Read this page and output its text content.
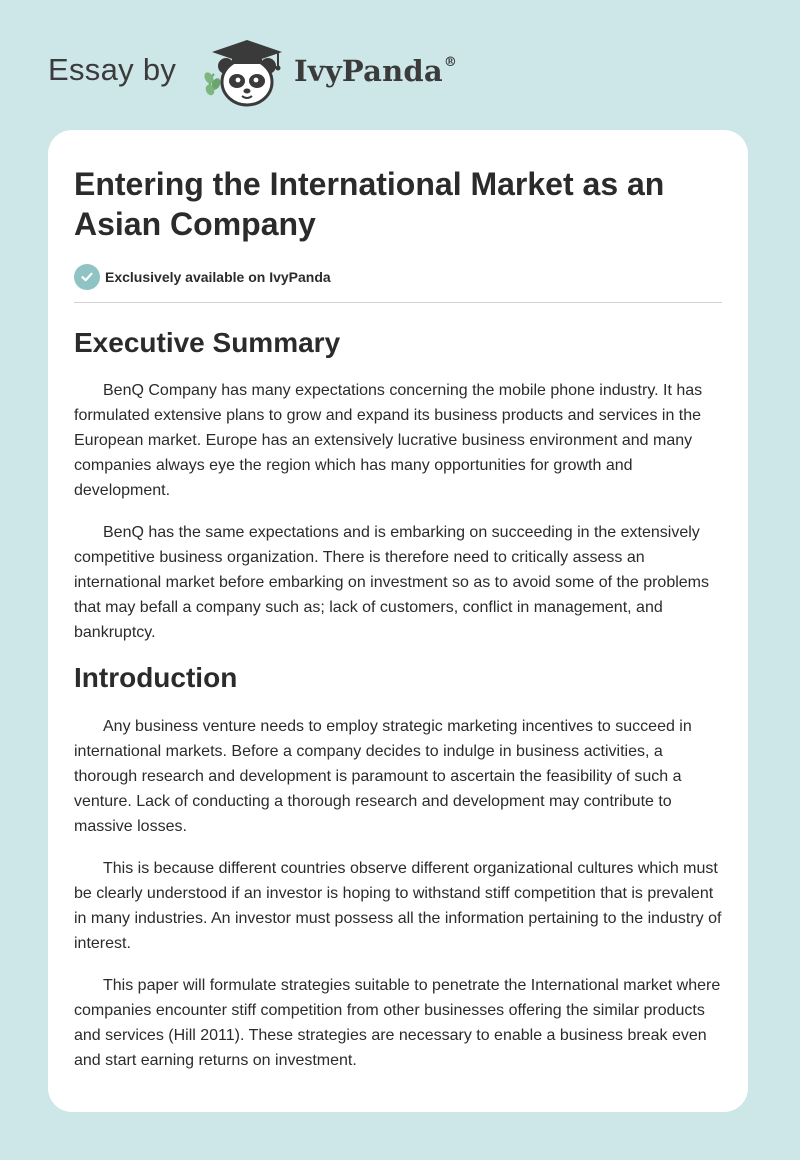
Essay by	IvyPanda®
Entering the International Market as an Asian Company
Exclusively available on IvyPanda
Executive Summary

BenQ Company has many expectations concerning the mobile phone industry. It has formulated extensive plans to grow and expand its business products and services in the European market. Europe has an extensively lucrative business environment and many companies always eye the region which has many opportunities for growth and development.

BenQ has the same expectations and is embarking on succeeding in the extensively competitive business organization. There is therefore need to critically assess an international market before embarking on investment so as to avoid some of the problems that may befall a company such as; lack of customers, conflict in management, and bankruptcy.

Introduction

Any business venture needs to employ strategic marketing incentives to succeed in international markets. Before a company decides to indulge in business activities, a thorough research and development is paramount to ascertain the feasibility of such a venture. Lack of conducting a thorough research and development may contribute to massive losses.

This is because different countries observe different organizational cultures which must be clearly understood if an investor is hoping to withstand stiff competition that is prevalent in many industries. An investor must possess all the information pertaining to the industry of interest.

This paper will formulate strategies suitable to penetrate the International market where companies encounter stiff competition from other businesses offering the similar products and services (Hill 2011). These strategies are necessary to enable a business break even and start earning returns on investment.
